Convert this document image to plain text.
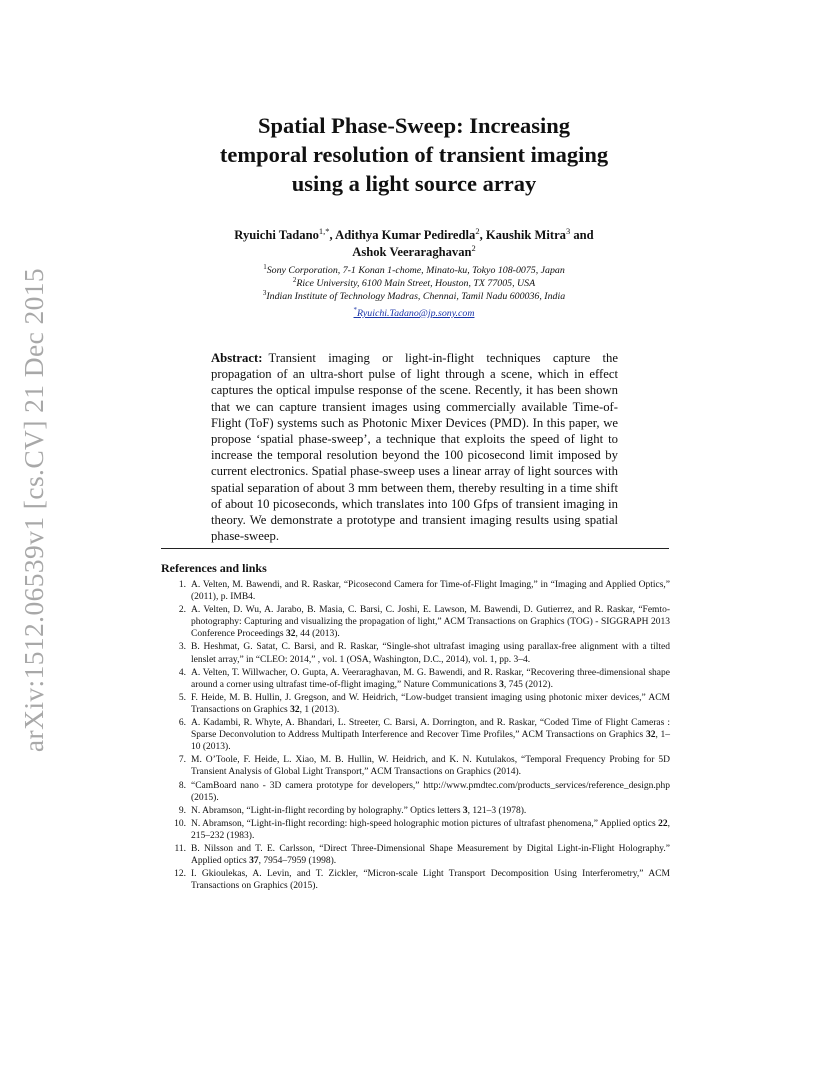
arXiv:1512.06539v1 [cs.CV] 21 Dec 2015
Spatial Phase-Sweep: Increasing
temporal resolution of transient imaging
using a light source array
Ryuichi Tadano$^{1,*}$, Adithya Kumar Pediredla$^2$, Kaushik Mitra$^3$ and
Ashok Veeraraghavan$^2$
$^1$Sony Corporation, 7-1 Konan 1-chome, Minato-ku, Tokyo 108-0075, Japan
$^2$Rice University, 6100 Main Street, Houston, TX 77005, USA
$^3$Indian Institute of Technology Madras, Chennai, Tamil Nadu 600036, India
*Ryuichi.Tadano@jp.sony.com
Abstract: Transient imaging or light-in-flight techniques capture the propagation of an ultra-short pulse of light through a scene, which in effect captures the optical impulse response of the scene. Recently, it has been shown that we can capture transient images using commercially available Time-of-Flight (ToF) systems such as Photonic Mixer Devices (PMD). In this paper, we propose ‘spatial phase-sweep’, a technique that exploits the speed of light to increase the temporal resolution beyond the 100 picosecond limit imposed by current electronics. Spatial phase-sweep uses a linear array of light sources with spatial separation of about 3 mm between them, thereby resulting in a time shift of about 10 picoseconds, which translates into 100 Gfps of transient imaging in theory. We demonstrate a prototype and transient imaging results using spatial phase-sweep.
References and links
1. A. Velten, M. Bawendi, and R. Raskar, “Picosecond Camera for Time-of-Flight Imaging,” in “Imaging and Applied Optics,” (2011), p. IMB4.
2. A. Velten, D. Wu, A. Jarabo, B. Masia, C. Barsi, C. Joshi, E. Lawson, M. Bawendi, D. Gutierrez, and R. Raskar, “Femto-photography: Capturing and visualizing the propagation of light,” ACM Transactions on Graphics (TOG) - SIGGRAPH 2013 Conference Proceedings 32, 44 (2013).
3. B. Heshmat, G. Satat, C. Barsi, and R. Raskar, “Single-shot ultrafast imaging using parallax-free alignment with a tilted lenslet array,” in “CLEO: 2014,” , vol. 1 (OSA, Washington, D.C., 2014), vol. 1, pp. 3–4.
4. A. Velten, T. Willwacher, O. Gupta, A. Veeraraghavan, M. G. Bawendi, and R. Raskar, “Recovering three-dimensional shape around a corner using ultrafast time-of-flight imaging,” Nature Communications 3, 745 (2012).
5. F. Heide, M. B. Hullin, J. Gregson, and W. Heidrich, “Low-budget transient imaging using photonic mixer devices,” ACM Transactions on Graphics 32, 1 (2013).
6. A. Kadambi, R. Whyte, A. Bhandari, L. Streeter, C. Barsi, A. Dorrington, and R. Raskar, “Coded Time of Flight Cameras : Sparse Deconvolution to Address Multipath Interference and Recover Time Profiles,” ACM Transactions on Graphics 32, 1–10 (2013).
7. M. O’Toole, F. Heide, L. Xiao, M. B. Hullin, W. Heidrich, and K. N. Kutulakos, “Temporal Frequency Probing for 5D Transient Analysis of Global Light Transport,” ACM Transactions on Graphics (2014).
8. “CamBoard nano - 3D camera prototype for developers,” http://www.pmdtec.com/products_services/reference_design.php (2015).
9. N. Abramson, “Light-in-flight recording by holography.” Optics letters 3, 121–3 (1978).
10. N. Abramson, “Light-in-flight recording: high-speed holographic motion pictures of ultrafast phenomena,” Applied optics 22, 215–232 (1983).
11. B. Nilsson and T. E. Carlsson, “Direct Three-Dimensional Shape Measurement by Digital Light-in-Flight Holography.” Applied optics 37, 7954–7959 (1998).
12. I. Gkioulekas, A. Levin, and T. Zickler, “Micron-scale Light Transport Decomposition Using Interferometry,” ACM Transactions on Graphics (2015).
